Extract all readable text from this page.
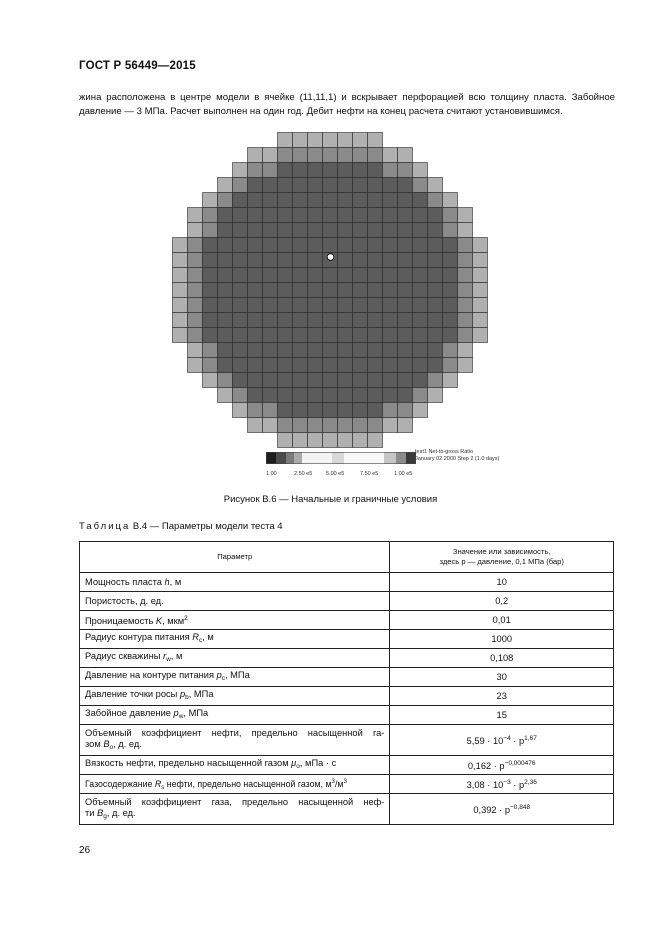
ГОСТ Р 56449—2015
жина расположена в центре модели в ячейке (11,11,1) и вскрывает перфорацией всю толщину пласта. Забойное
давление — 3 МПа. Расчет выполнен на один год. Дебит нефти на конец расчета считают установившимся.
test1 Net-to-gross Ratio
January 02 2000 Step 2 (1.0 days)
1.00	2.50 e5 5.00 e5	7.50 e5	1.00 e5
Рисунок В.6 — Начальные и граничные условия
Таблица В.4 — Параметры модели теста 4
Параметр	Значение или зависимость,
здесь p — давление, 0,1 МПа (бар)

Мощность пласта h, м	10
Пористость, д. ед.	0,2
Проницаемость K, мкм$^2$	0,01
Радиус контура питания $R_c$, м	1000
Радиус скважины $r_w$, м	0,108
Давление на контуре питания $p_c$, МПа	30
Давление точки росы $p_b$, МПа	23
Забойное давление $p_w$, МПа	15

Объемный коэффициент нефти, предельно насыщенной га-
зом $B_o$, д. ед.	$5,59 \cdot 10^{-4} \cdot p^{1,67}$
Вязкость нефти, предельно насыщенной газом $\mu_o$, мПа · с	$0,162 \cdot p^{-0,000476}$
Газосодержание $R_s$ нефти, предельно насыщенной газом, $м^3/м^3$	$3,08 \cdot 10^{-3} \cdot p^{2,36}$

Объемный коэффициент газа, предельно насыщенной неф-
ти $B_g$, д. ед.	$0,392 \cdot p^{-0,848}$
26
